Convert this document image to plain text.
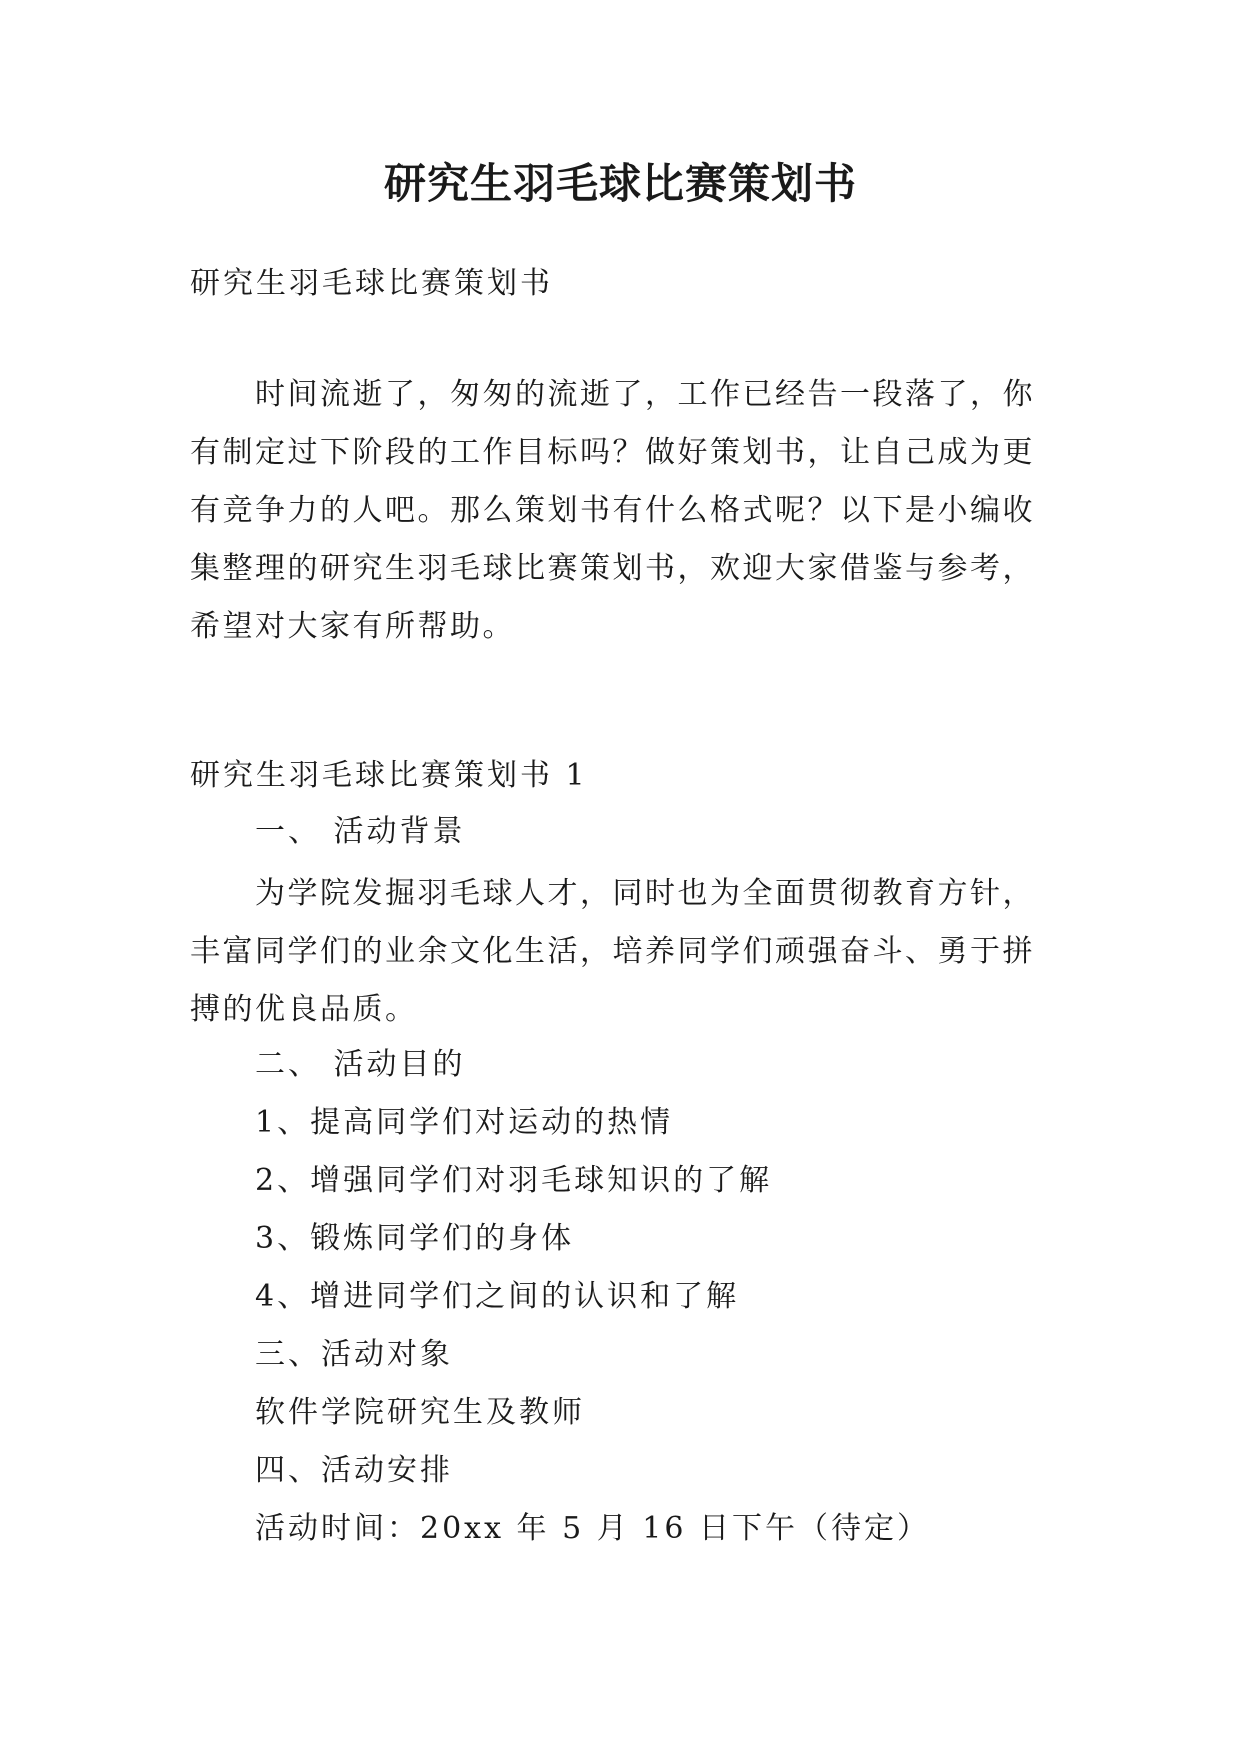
研究生羽毛球比赛策划书
研究生羽毛球比赛策划书

时间流逝了，匆匆的流逝了，工作已经告一段落了，你

有制定过下阶段的工作目标吗？做好策划书，让自己成为更

有竞争力的人吧。那么策划书有什么格式呢？以下是小编收

集整理的研究生羽毛球比赛策划书，欢迎大家借鉴与参考，

希望对大家有所帮助。

研究生羽毛球比赛策划书 1
一、 活动背景

为学院发掘羽毛球人才，同时也为全面贯彻教育方针，

丰富同学们的业余文化生活，培养同学们顽强奋斗、勇于拼

搏的优良品质。

二、 活动目的
1、提高同学们对运动的热情
2、增强同学们对羽毛球知识的了解
3、锻炼同学们的身体
4、增进同学们之间的认识和了解
三、活动对象
软件学院研究生及教师
四、活动安排
活动时间：20xx 年 5 月 16 日下午（待定）
